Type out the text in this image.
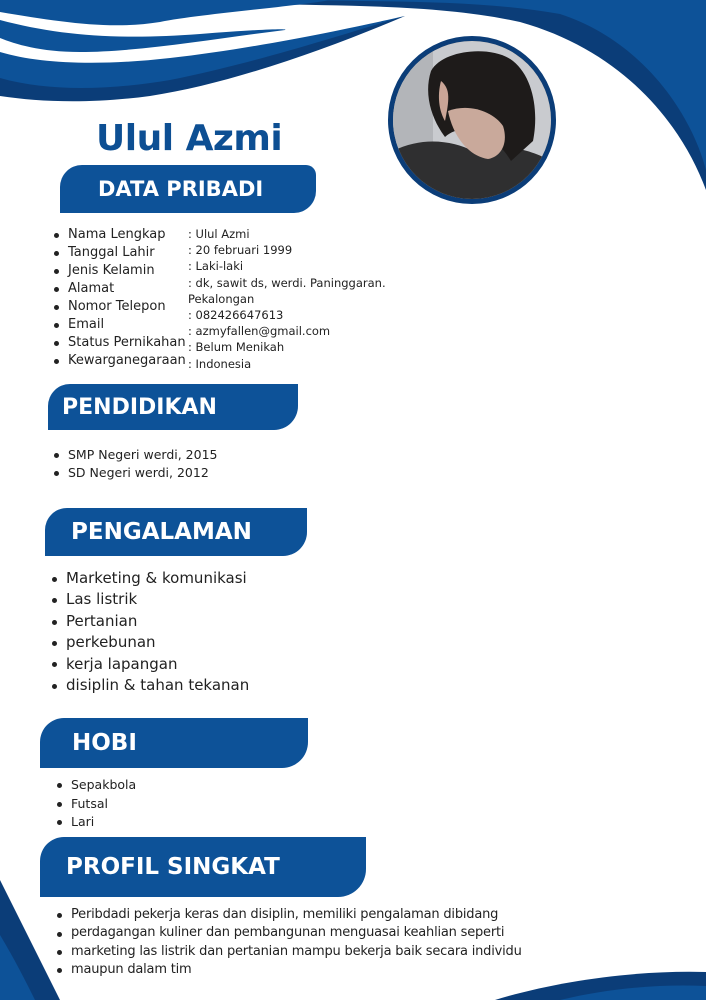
Ulul Azmi
DATA PRIBADI
Nama Lengkap
Tanggal Lahir
Jenis Kelamin
Alamat
Nomor Telepon
Email
Status Pernikahan
Kewarganegaraan
: Ulul Azmi
: 20 februari 1999
: Laki-laki
: dk, sawit ds, werdi. Paninggaran.
Pekalongan
: 082426647613
: azmyfallen@gmail.com
: Belum Menikah
: Indonesia
PENDIDIKAN
SMP Negeri werdi, 2015
SD Negeri werdi, 2012
PENGALAMAN
Marketing & komunikasi
Las listrik
Pertanian
perkebunan
kerja lapangan
disiplin & tahan tekanan
HOBI
Sepakbola
Futsal
Lari
PROFIL SINGKAT
Peribdadi pekerja keras dan disiplin, memiliki pengalaman dibidang
perdagangan kuliner dan pembangunan menguasai keahlian seperti
marketing las listrik dan pertanian mampu bekerja baik secara individu
maupun dalam tim
